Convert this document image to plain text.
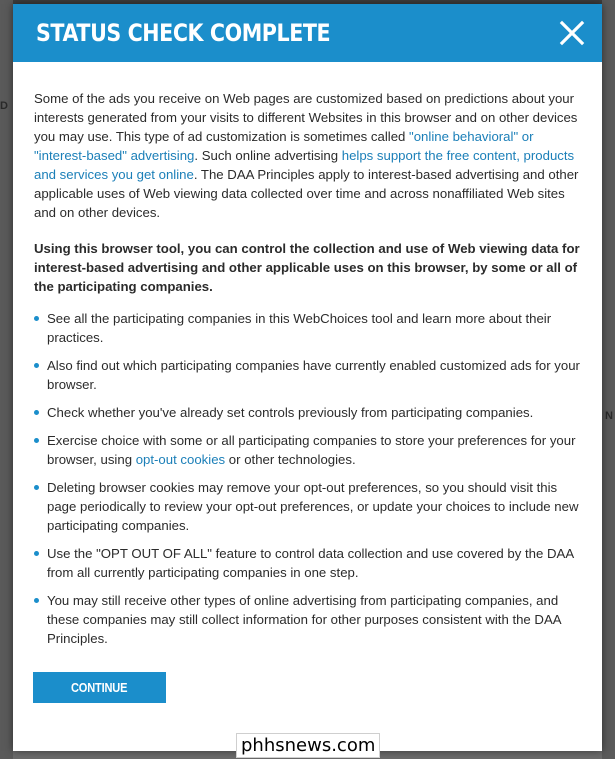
D
N
STATUS CHECK COMPLETE

Some of the ads you receive on Web pages are customized based on predictions about your interests generated from your visits to different Websites in this browser and on other devices you may use. This type of ad customization is sometimes called "online behavioral" or "interest-based" advertising. Such online advertising helps support the free content, products and services you get online. The DAA Principles apply to interest-based advertising and other applicable uses of Web viewing data collected over time and across nonaffiliated Web sites and on other devices.

Using this browser tool, you can control the collection and use of Web viewing data for interest-based advertising and other applicable uses on this browser, by some or all of the participating companies.

See all the participating companies in this WebChoices tool and learn more about their practices.
Also find out which participating companies have currently enabled customized ads for your browser.
Check whether you've already set controls previously from participating companies.
Exercise choice with some or all participating companies to store your preferences for your browser, using opt-out cookies or other technologies.
Deleting browser cookies may remove your opt-out preferences, so you should visit this page periodically to review your opt-out preferences, or update your choices to include new participating companies.
Use the "OPT OUT OF ALL" feature to control data collection and use covered by the DAA from all currently participating companies in one step.
You may still receive other types of online advertising from participating companies, and these companies may still collect information for other purposes consistent with the DAA Principles.
CONTINUE
phhsnews.com
